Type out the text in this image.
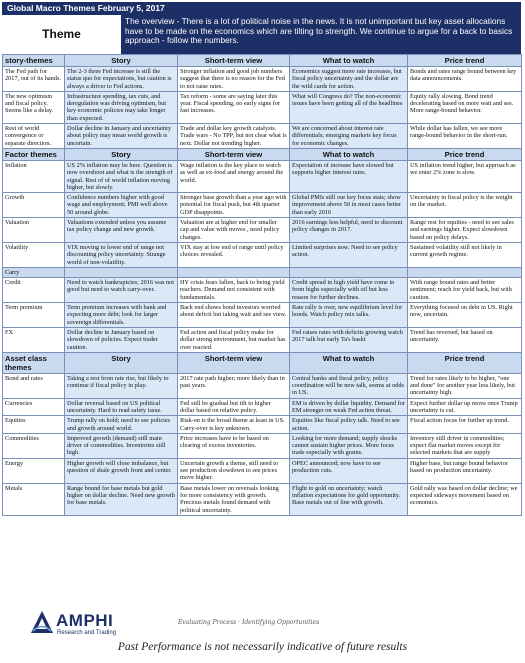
Global Macro Themes February 5, 2017
Theme
The overview - There is a lot of political noise in the news. It is not unimportant but key asset allocations have to be made on the economics which are tilting to strength. We continue to argue for a back to basics approach - follow the numbers.
story-themes	Story	Short-term view	What to watch	Price trend
The Fed path for 2017, out of its hands.	The 2-3 three Fed increase is still the status quo for expectations, but caution is always a driver to Fed actions.	Stronger inflation and good job numbers suggest that there is no reason for the Fed to not raise rates.	Economics suggest more rate increases, but fiscal policy uncertainty and the dollar are the wild cards for action.	Bonds and rates range bound between key data announcements.
The new optimism and fiscal policy. Seems like a delay.	Infrastructure spending, tax cuts, and deregulation was driving optimism, but key economic policies may take longer than expected.	Tax reform - some are saying later this year. Fiscal spending, no early signs for fast increases.	What will Congress do? The non-economic issues have been getting all of the headlines	Equity rally slowing. Bond trend decelerating based on more wait and see. More range-bound behavior.
Rest of world convergence or separate direction.	Dollar decline in January and uncertainty about policy may mean world growth is uncertain.	Trade and dollar key growth catalysts. Trade wars - No TPP, but not clear what is next. Dollar not trending higher.	We are concerned about interest rate differentials; emerging markets key focus for economic changes.	While dollar has fallen, we see more range-bound behavior in the short-run.
Factor themes	Story	Short-term view	What to watch	Price trend
Inflation	US 2% inflation may be here. Question is now overshoot and what is the strength of signal. Rest of of world inflation moving higher, but slowly.	Wage inflation is the key place to watch as well as ex-food and energy around the world.	Expectation of increase have slowed but supports higher interest rates.	US inflation trend higher, but approach as we enter 2% zone is slow.
Growth	Confidence numbers higher with good wage and employment; PMI well above 50 around globe.	Stronger base growth than a year ago with potential for fiscal push, but 4th quarter GDP disappoints.	Global PMIs still our key focus stats; show improvement above 50 in most cases better than early 2016	Uncertainty in fiscal policy is the weight on the market.
Valuation	Valuations extended unless you assume tax policy change and new growth.	Valuation are at higher end for smaller cap and value with moves , need policy changes.	2016 earnings less helpful, need to discount policy changes in 2017.	Range rest for equities - need to see sales and earnings higher. Expect slowdown based on policy delays.
Volatility	VIX moving to lower end of range not discounting policy uncertainty. Strange world of non-volatility.	VIX stay at low end of range until policy choices revealed.	Limited surprises now. Need to see policy action.	Sustained volatility still not likely in current growth regime.
Carry				
Credit	Need to watch bankruptcies; 2016 was not good but need to watch carry-over.	HY crisis fears fallen, back to being yield reachers. Demand not consistent with fundamentals.	Credit spread in high yield have come in from highs especially with oil but less reason for further declines.	With range bound rates and better sentiment; reach for yield back, but with caution.
Term premium	Term premium increases with bank and expecting more debt; look for larger sovereign differentials.	Back end shows bond investors worried about deficit but taking wait and see view.	Rate rally is over, new equilibrium level for bonds. Watch policy mix talks.	Everything focused on debt in US. Right now, uncertain.
FX	Dollar decline in January based on slowdown of policies. Expect trader caution.	Fed action and fiscal policy make for dollar strong environment, but market has over reacted.	Fed raises rates with deficits growing watch 2017 talk but early Ta's baskt	Trend has reversed, but based on uncertainty.
Asset class themes	Story	Short-term view	What to watch	Price trend
Bond and rates	Taking a rest from rate rise, but likely to continue if fiscal policy in play.	2017 rate path higher; more likely than in past years.	Central banks and fiscal policy, policy coordination will be new talk, seems at odds in US.	Trend for rates likely to be higher, "one and done" for another year less likely, but uncertainty high.
Currencies	Dollar reversal based on US political uncertainty. Hard to read safety issue.	Fed still be gradual but tilt to higher dollar based on relative policy.	EM is driven by dollar liquidity. Demand for EM stronger on weak Fed action threat.	Expect further dollar up move once Trump uncertainty is cut.
Equities	Trump rally on hold; need to see policies and growth around world.	Risk-on is the broad theme at least in US. Carry-over is key unknown.	Equities like fiscal policy talk. Need to see action.	Fiscal action focus for further up trend.
Commodities	Improved growth (demand) still main driver of commodities. Inventories still high.	Price increases have to be based on clearing of excess inventories.	Looking for more demand; supply shocks cannot sustain higher prices. More focus trade especially with grains.	Inventory still driver in commodities; expect flat market moves except for selected markets that are supply
Energy	Higher growth will close imbalance, but question of shale growth front and center.	Uncertain growth a theme, still need to see production slowdown to see prices move higher.	OPEC announced; now have to see production cuts.	Higher base, but range bound behavior based on production uncertainty.
Metals	Range bound for base metals but gold higher on dollar decline. Need new growth for base metals.	Base metals lower on reversals looking for more consistency with growth. Precious metals found demand with political uncertainty.	Flight to gold on uncertainty; watch inflation expectations for gold opportunity. Base metals out of line with growth.	Gold rally was based on dollar decline; we expected sideways movement based on economics.
AMPHI
Research and Trading
Evaluating Process · Identifying Opportunities
Past Performance is not necessarily indicative of future results
